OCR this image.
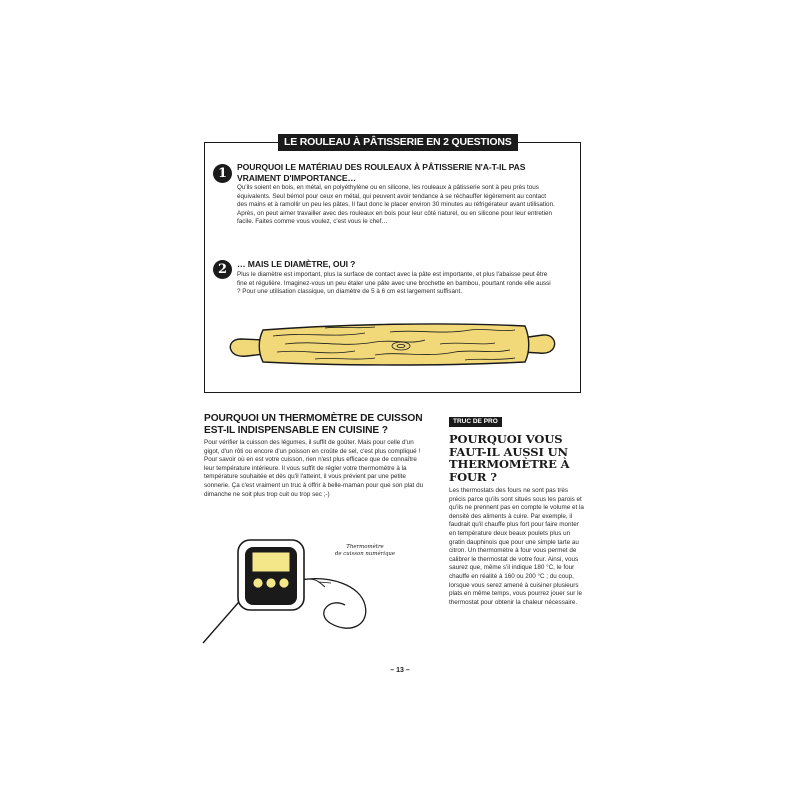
LE ROULEAU À PÂTISSERIE EN 2 QUESTIONS
1	POURQUOI LE MATÉRIAU DES ROULEAUX À PÂTISSERIE N'A-T-IL PAS VRAIMENT D'IMPORTANCE…
Qu'ils soient en bois, en métal, en polyéthylène ou en silicone, les rouleaux à pâtisserie sont à peu près tous équivalents. Seul bémol pour ceux en métal, qui peuvent avoir tendance à se réchauffer légèrement au contact des mains et à ramollir un peu les pâtes. Il faut donc le placer environ 30 minutes au réfrigérateur avant utilisation. Après, on peut aimer travailler avec des rouleaux en bois pour leur côté naturel, ou en silicone pour leur entretien facile. Faites comme vous voulez, c'est vous le chef…
2	… MAIS LE DIAMÈTRE, OUI ?
Plus le diamètre est important, plus la surface de contact avec la pâte est importante, et plus l'abaisse peut être fine et régulière. Imaginez-vous un peu étaler une pâte avec une brochette en bambou, pourtant ronde elle aussi ? Pour une utilisation classique, un diamètre de 5 à 6 cm est largement suffisant.
POURQUOI UN THERMOMÈTRE DE CUISSON EST-IL INDISPENSABLE EN CUISINE ?
Pour vérifier la cuisson des légumes, il suffit de goûter. Mais pour celle d'un gigot, d'un rôti ou encore d'un poisson en croûte de sel, c'est plus compliqué ! Pour savoir où en est votre cuisson, rien n'est plus efficace que de connaître leur température intérieure. Il vous suffit de régler votre thermomètre à la température souhaitée et dès qu'il l'atteint, il vous prévient par une petite sonnerie. Ça c'est vraiment un truc à offrir à belle-maman pour que son plat du dimanche ne soit plus trop cuit ou trop sec ;-)
Thermomètre
de cuisson numérique
TRUC DE PRO
POURQUOI VOUS FAUT-IL AUSSI UN THERMOMÈTRE À FOUR ?
Les thermostats des fours ne sont pas très précis parce qu'ils sont situés sous les parois et qu'ils ne prennent pas en compte le volume et la densité des aliments à cuire. Par exemple, il faudrait qu'il chauffe plus fort pour faire monter en température deux beaux poulets plus un gratin dauphinois que pour une simple tarte au citron. Un thermomètre à four vous permet de calibrer le thermostat de votre four. Ainsi, vous saurez que, même s'il indique 180 °C, le four chauffe en réalité à 160 ou 200 °C ; du coup, lorsque vous serez amené à cuisiner plusieurs plats en même temps, vous pourrez jouer sur le thermostat pour obtenir la chaleur nécessaire.
– 13 –
